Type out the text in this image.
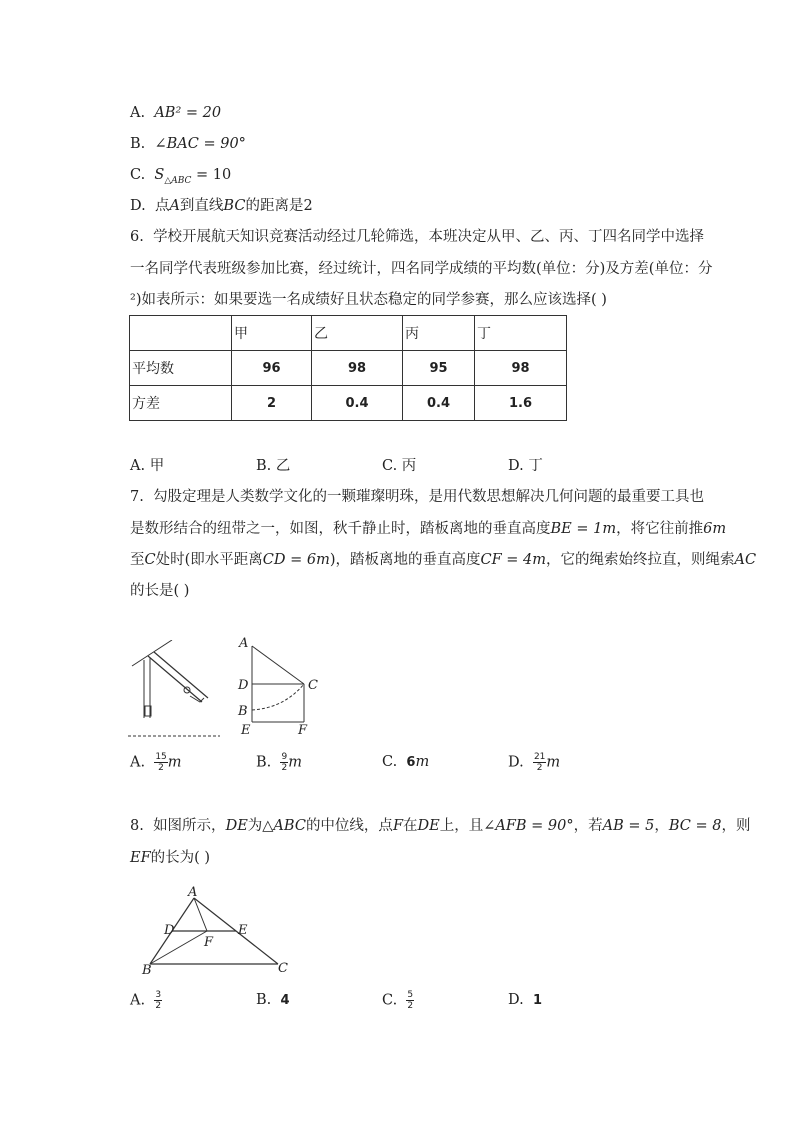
A. AB² = 20
B. ∠BAC = 90°
C. $S_{\triangle ABC} = 10$
D. 点A到直线BC的距离是2
6. 学校开展航天知识竞赛活动经过几轮筛选，本班决定从甲、乙、丙、丁四名同学中选择
一名同学代表班级参加比赛，经过统计，四名同学成绩的平均数(单位：分)及方差(单位：分
²)如表所示：如果要选一名成绩好且状态稳定的同学参赛，那么应该选择( )
	甲	乙	丙	丁
平均数	96	98	95	98
方差	2	0.4	0.4	1.6
A. 甲	B. 乙	C. 丙	D. 丁
7. 勾股定理是人类数学文化的一颗璀璨明珠，是用代数思想解决几何问题的最重要工具也
是数形结合的纽带之一，如图，秋千静止时，踏板离地的垂直高度BE = 1m，将它往前推6m
至C处时(即水平距离CD = 6m)，踏板离地的垂直高度CF = 4m，它的绳索始终拉直，则绳索AC
的长是( )
A
D	C
B
E	F
A. $\frac{15}{2}$ m	B. $\frac{9}{2}$ m	C. 6m	D. $\frac{21}{2}$ m
8. 如图所示，DE为△ABC的中位线，点F在DE上，且∠AFB = 90°，若AB = 5，BC = 8，则
EF的长为( )
A
D	E
F
B	C
A. $\frac{3}{2}$	B. 4	C. $\frac{5}{2}$	D. 1
